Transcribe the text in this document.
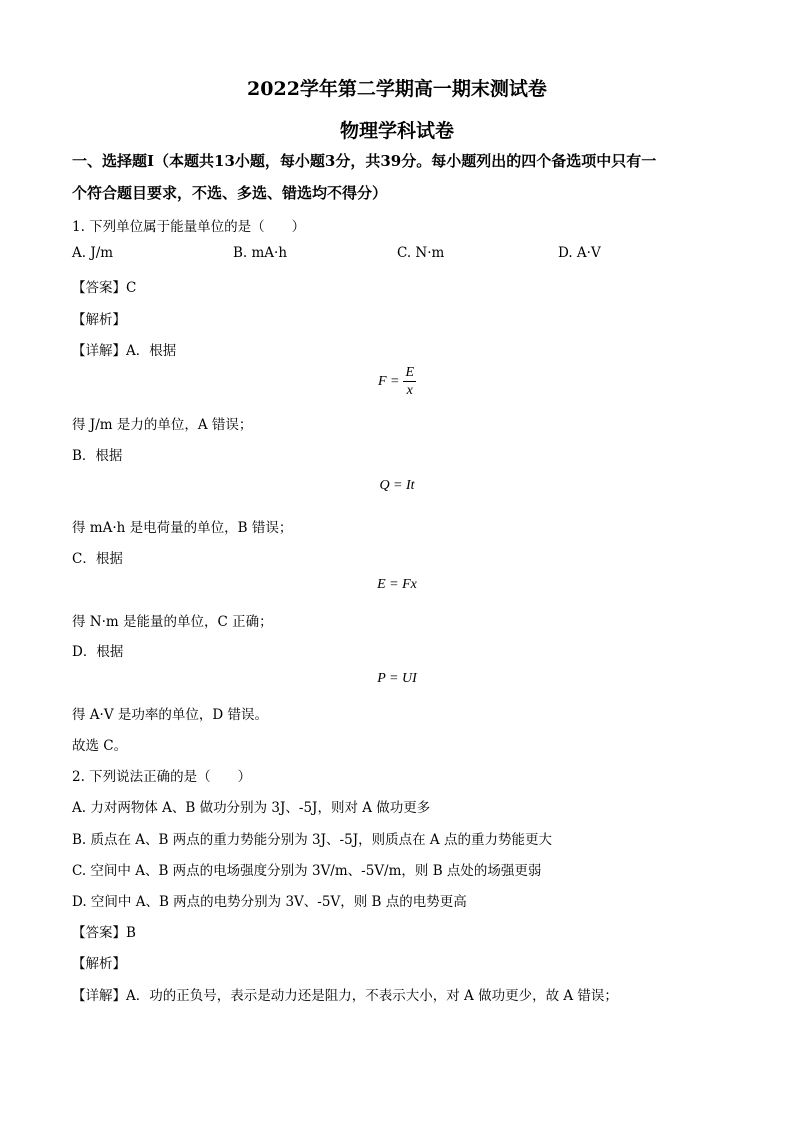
2022学年第二学期高一期末测试卷
物理学科试卷
一、选择题Ⅰ（本题共13小题，每小题3分，共39分。每小题列出的四个备选项中只有一
个符合题目要求，不选、多选、错选均不得分）
1. 下列单位属于能量单位的是（　　）
A. J/m	B. mA·h	C. N·m	D. A·V
【答案】C
【解析】
【详解】A．根据
$F = \frac{E}{x}$
得 J/m 是力的单位，A 错误；
B．根据
Q = It
得 mA·h 是电荷量的单位，B 错误；
C．根据
E = Fx
得 N·m 是能量的单位，C 正确；
D．根据
P = UI
得 A·V 是功率的单位，D 错误。
故选 C。
2. 下列说法正确的是（　　）
A. 力对两物体 A、B 做功分别为 3J、-5J，则对 A 做功更多
B. 质点在 A、B 两点的重力势能分别为 3J、-5J，则质点在 A 点的重力势能更大
C. 空间中 A、B 两点的电场强度分别为 3V/m、-5V/m，则 B 点处的场强更弱
D. 空间中 A、B 两点的电势分别为 3V、-5V，则 B 点的电势更高
【答案】B
【解析】
【详解】A．功的正负号，表示是动力还是阻力，不表示大小，对 A 做功更少，故 A 错误；
